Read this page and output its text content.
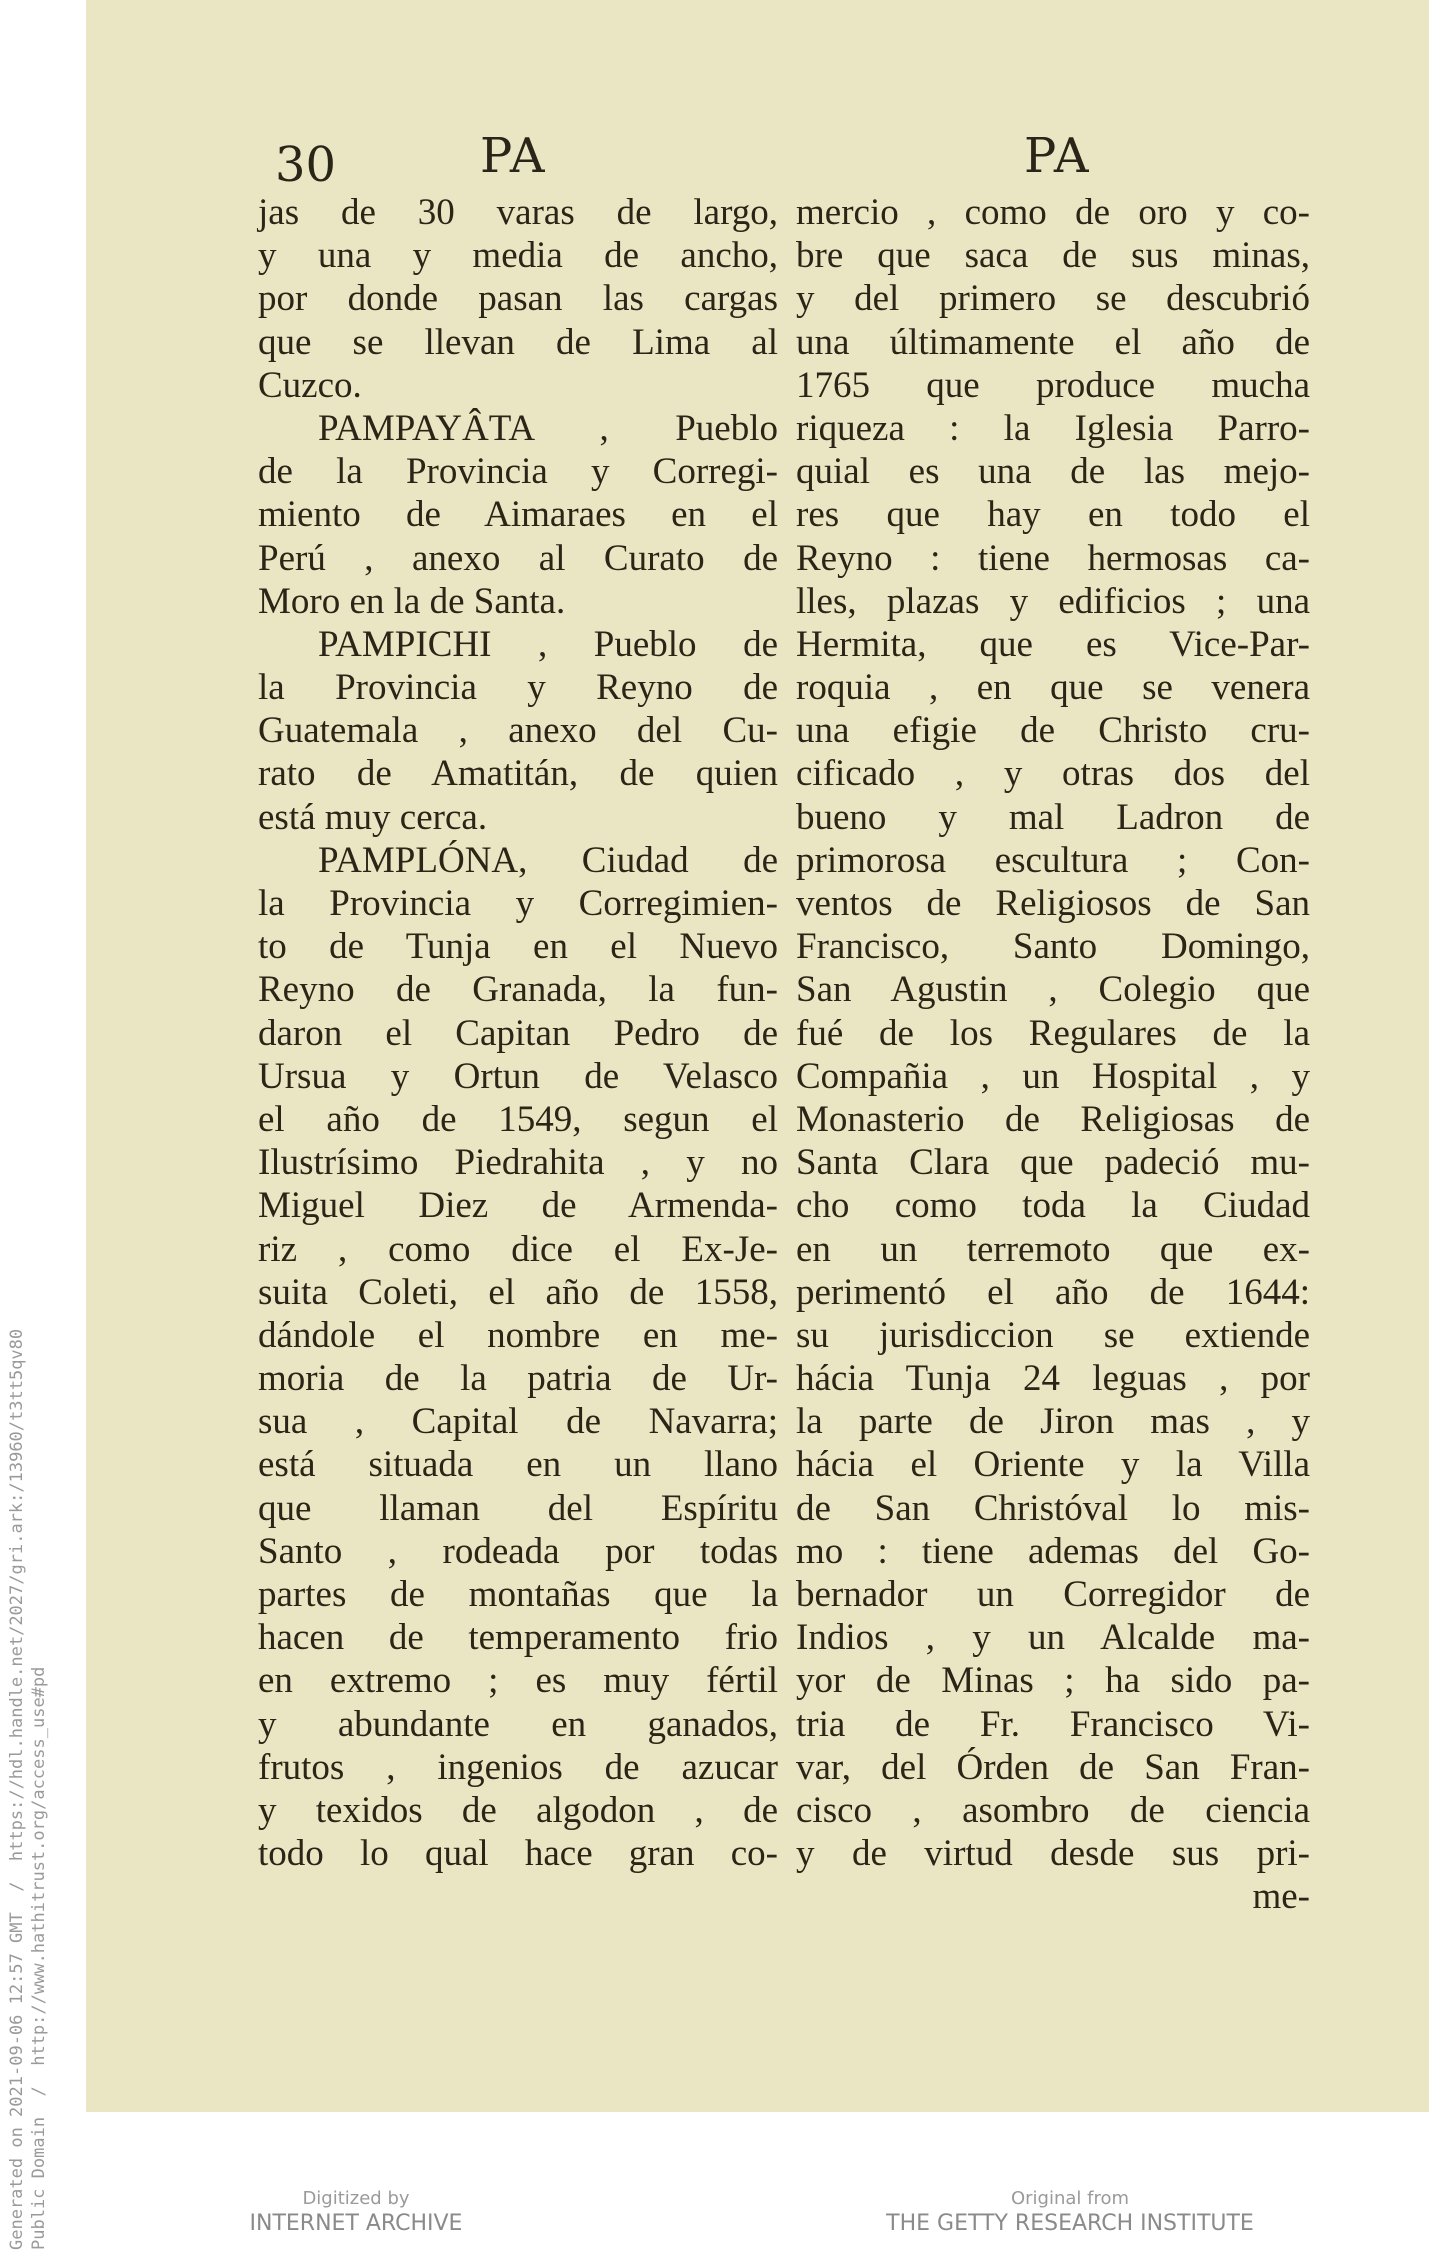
Generated on 2021-09-06 12:57 GMT  /  https://hdl.handle.net/2027/gri.ark:/13960/t3tt5qv80 Public Domain  /  http://www.hathitrust.org/access_use#pd
30	PA	PA
jas de 30 varas de largo,
y una y media de ancho,
por donde pasan las cargas
que se llevan de Lima al
Cuzco.
PAMPAYÂTA , Pueblo
de la Provincia y Corregi-
miento de Aimaraes en el
Perú , anexo al Curato de
Moro en la de Santa.
PAMPICHI , Pueblo de
la Provincia y Reyno de
Guatemala , anexo del Cu-
rato de Amatitán, de quien
está muy cerca.
PAMPLÓNA, Ciudad de
la Provincia y Corregimien-
to de Tunja en el Nuevo
Reyno de Granada, la fun-
daron el Capitan Pedro de
Ursua y Ortun de Velasco
el año de 1549, segun el
Ilustrísimo Piedrahita , y no
Miguel Diez de Armenda-
riz , como dice el Ex-Je-
suita Coleti, el año de 1558,
dándole el nombre en me-
moria de la patria de Ur-
sua , Capital de Navarra;
está situada en un llano
que llaman del Espíritu
Santo , rodeada por todas
partes de montañas que la
hacen de temperamento frio
en extremo ; es muy fértil
y abundante en ganados,
frutos , ingenios de azucar
y texidos de algodon , de
todo lo qual hace gran co-
mercio , como de oro y co-
bre que saca de sus minas,
y del primero se descubrió
una últimamente el año de
1765 que produce mucha
riqueza : la Iglesia Parro-
quial es una de las mejo-
res que hay en todo el
Reyno : tiene hermosas ca-
lles, plazas y edificios ; una
Hermita, que es Vice-Par-
roquia , en que se venera
una efigie de Christo cru-
cificado , y otras dos del
bueno y mal Ladron de
primorosa escultura ; Con-
ventos de Religiosos de San
Francisco, Santo Domingo,
San Agustin , Colegio que
fué de los Regulares de la
Compañia , un Hospital , y
Monasterio de Religiosas de
Santa Clara que padeció mu-
cho como toda la Ciudad
en un terremoto que ex-
perimentó el año de 1644:
su jurisdiccion se extiende
hácia Tunja 24 leguas , por
la parte de Jiron mas , y
hácia el Oriente y la Villa
de San Christóval lo mis-
mo : tiene ademas del Go-
bernador un Corregidor de
Indios , y un Alcalde ma-
yor de Minas ; ha sido pa-
tria de Fr. Francisco Vi-
var, del Órden de San Fran-
cisco , asombro de ciencia
y de virtud desde sus pri-
me-
Digitized by
INTERNET ARCHIVE
Original from
THE GETTY RESEARCH INSTITUTE
